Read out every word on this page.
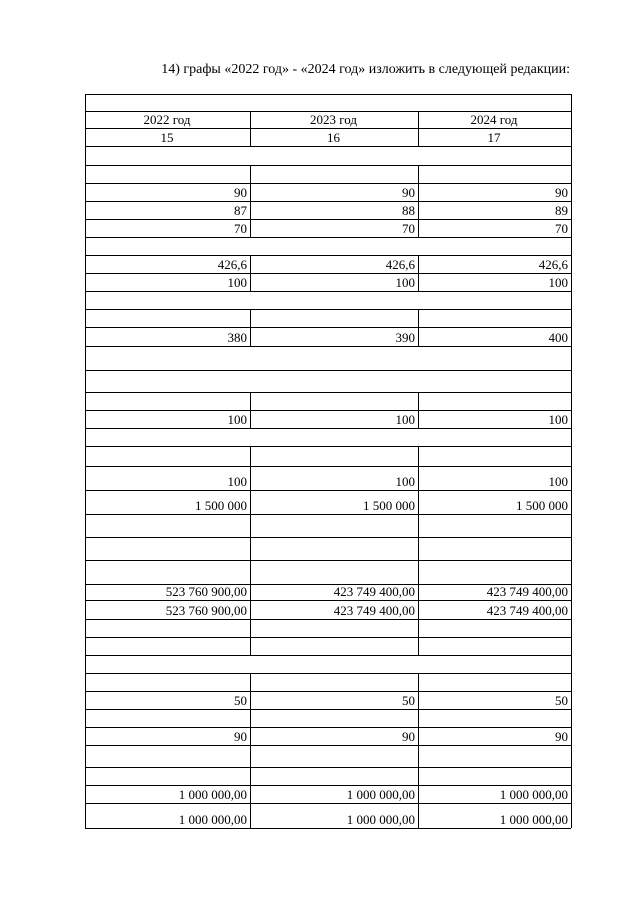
14) графы «2022 год» - «2024 год» изложить в следующей редакции:
2022 год	2023 год	2024 год
15	16	17
90	90	90
87	88	89
70	70	70
426,6	426,6	426,6
100	100	100
380	390	400
100	100	100
100	100	100
1 500 000	1 500 000	1 500 000
523 760 900,00	423 749 400,00	423 749 400,00
523 760 900,00	423 749 400,00	423 749 400,00
50	50	50
90	90	90
1 000 000,00	1 000 000,00	1 000 000,00
1 000 000,00	1 000 000,00	1 000 000,00
